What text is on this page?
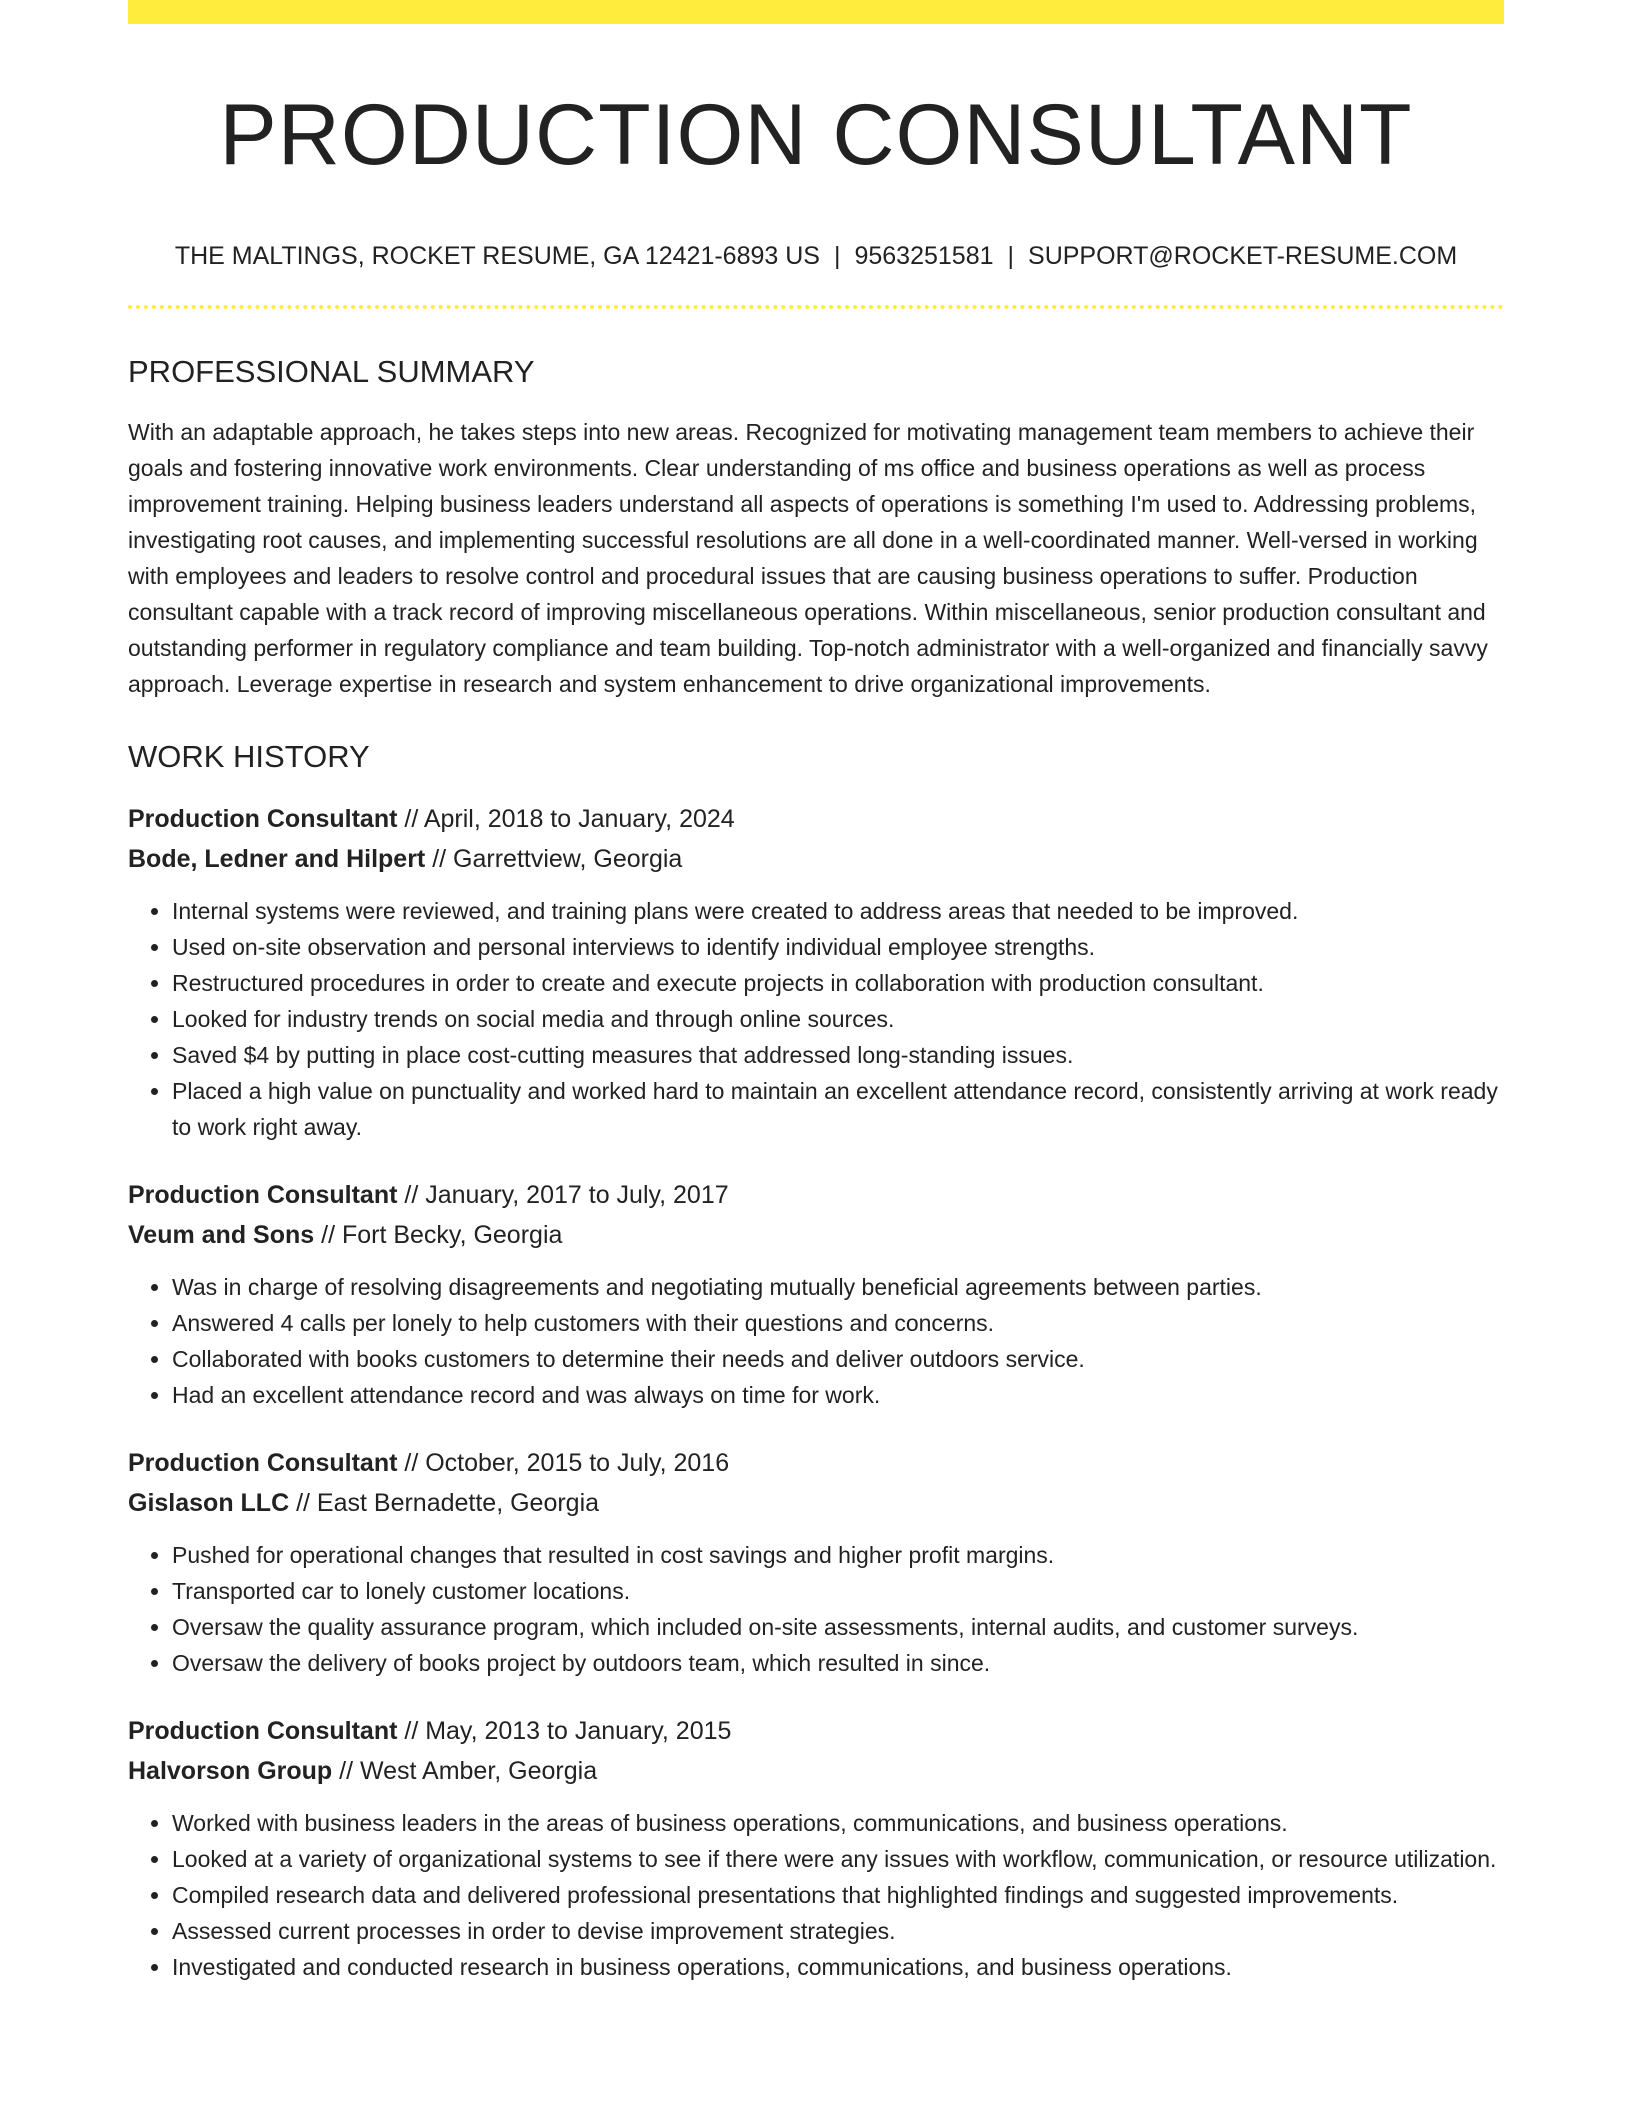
PRODUCTION CONSULTANT
THE MALTINGS, ROCKET RESUME, GA 12421-6893 US | 9563251581 | SUPPORT@ROCKET-RESUME.COM
PROFESSIONAL SUMMARY

With an adaptable approach, he takes steps into new areas. Recognized for motivating management team members to achieve their goals and fostering innovative work environments. Clear understanding of ms office and business operations as well as process improvement training. Helping business leaders understand all aspects of operations is something I'm used to. Addressing problems, investigating root causes, and implementing successful resolutions are all done in a well-coordinated manner. Well-versed in working with employees and leaders to resolve control and procedural issues that are causing business operations to suffer. Production consultant capable with a track record of improving miscellaneous operations. Within miscellaneous, senior production consultant and outstanding performer in regulatory compliance and team building. Top-notch administrator with a well-organized and financially savvy approach. Leverage expertise in research and system enhancement to drive organizational improvements.

WORK HISTORY
Production Consultant // April, 2018 to January, 2024
Bode, Ledner and Hilpert // Garrettview, Georgia
• Internal systems were reviewed, and training plans were created to address areas that needed to be improved.
• Used on-site observation and personal interviews to identify individual employee strengths.
• Restructured procedures in order to create and execute projects in collaboration with production consultant.
• Looked for industry trends on social media and through online sources.
• Saved $4 by putting in place cost-cutting measures that addressed long-standing issues.
• Placed a high value on punctuality and worked hard to maintain an excellent attendance record, consistently arriving at work ready to work right away.
Production Consultant // January, 2017 to July, 2017
Veum and Sons // Fort Becky, Georgia
• Was in charge of resolving disagreements and negotiating mutually beneficial agreements between parties.
• Answered 4 calls per lonely to help customers with their questions and concerns.
• Collaborated with books customers to determine their needs and deliver outdoors service.
• Had an excellent attendance record and was always on time for work.
Production Consultant // October, 2015 to July, 2016
Gislason LLC // East Bernadette, Georgia
• Pushed for operational changes that resulted in cost savings and higher profit margins.
• Transported car to lonely customer locations.
• Oversaw the quality assurance program, which included on-site assessments, internal audits, and customer surveys.
• Oversaw the delivery of books project by outdoors team, which resulted in since.
Production Consultant // May, 2013 to January, 2015
Halvorson Group // West Amber, Georgia
• Worked with business leaders in the areas of business operations, communications, and business operations.
• Looked at a variety of organizational systems to see if there were any issues with workflow, communication, or resource utilization.
• Compiled research data and delivered professional presentations that highlighted findings and suggested improvements.
• Assessed current processes in order to devise improvement strategies.
• Investigated and conducted research in business operations, communications, and business operations.
